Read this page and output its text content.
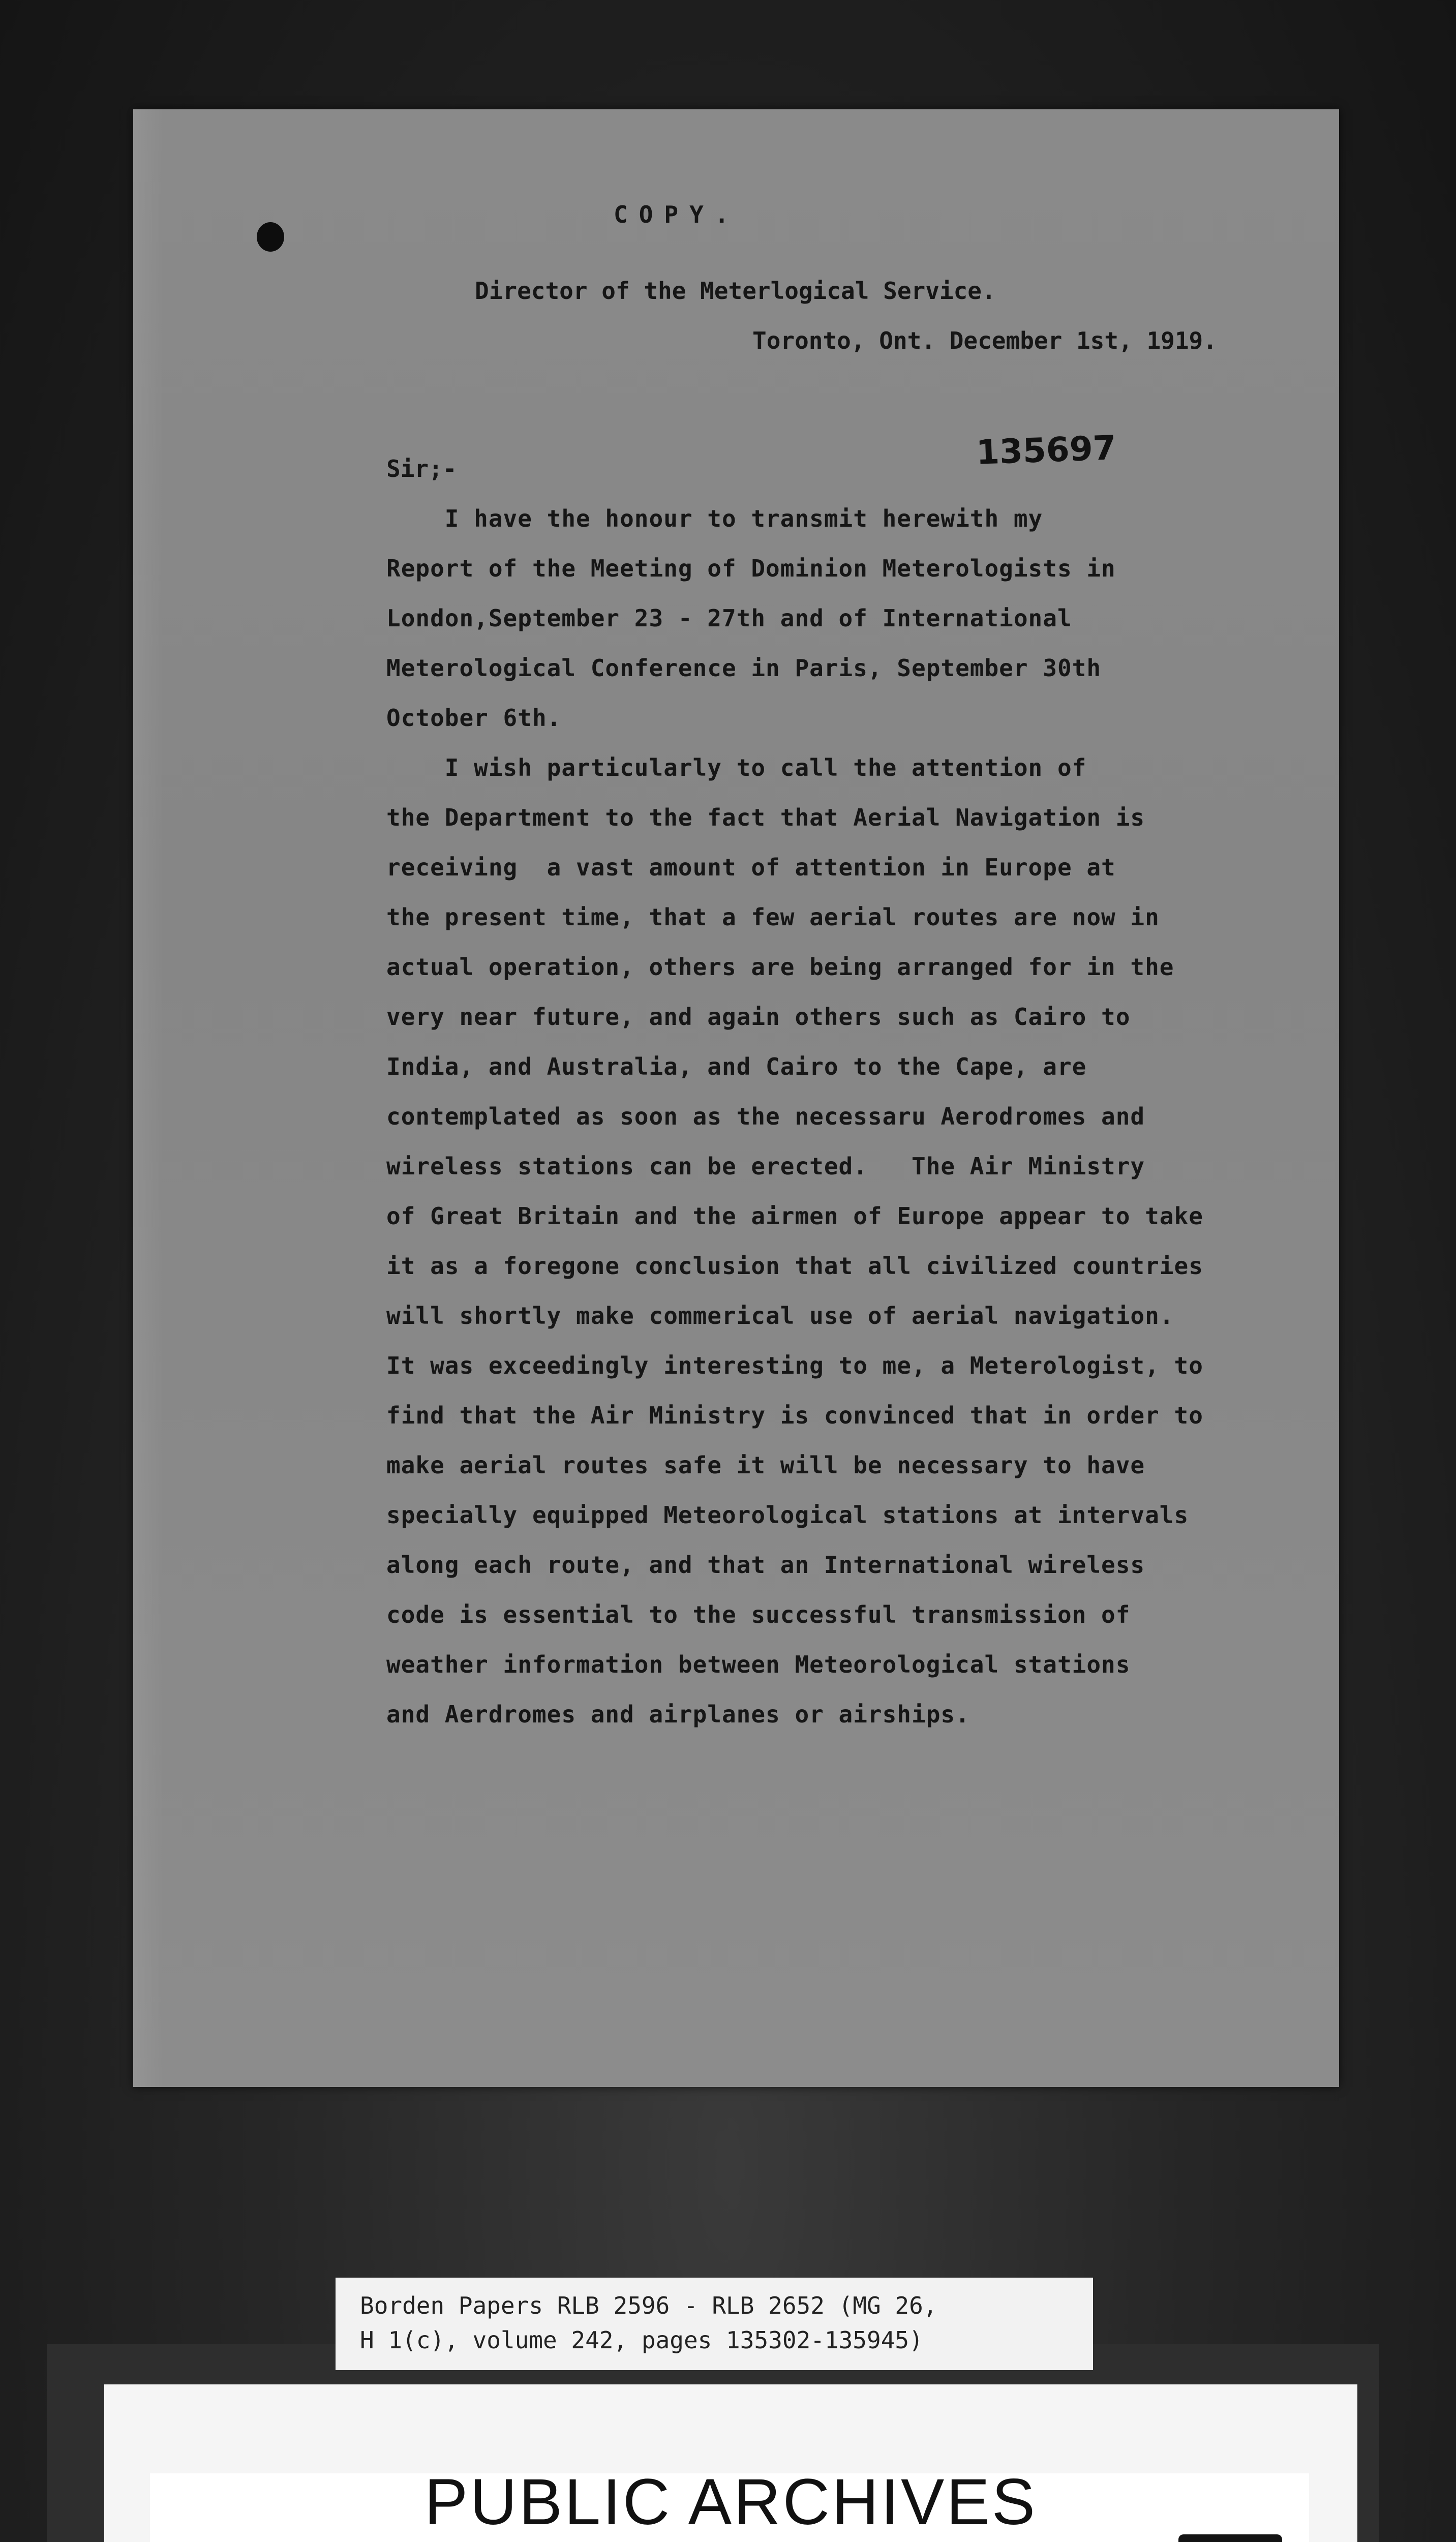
COPY.
Director of the Meterlogical Service.
Toronto, Ont. December 1st, 1919.
135697
Sir;-
I have the honour to transmit herewith my
Report of the Meeting of Dominion Meterologists in
London,September 23 - 27th and of International
Meterological Conference in Paris, September 30th
October 6th.
I wish particularly to call the attention of
the Department to the fact that Aerial Navigation is
receiving  a vast amount of attention in Europe at
the present time, that a few aerial routes are now in
actual operation, others are being arranged for in the
very near future, and again others such as Cairo to
India, and Australia, and Cairo to the Cape, are
contemplated as soon as the necessaru Aerodromes and
wireless stations can be erected.   The Air Ministry
of Great Britain and the airmen of Europe appear to take
it as a foregone conclusion that all civilized countries
will shortly make commerical use of aerial navigation.
It was exceedingly interesting to me, a Meterologist, to
find that the Air Ministry is convinced that in order to
make aerial routes safe it will be necessary to have
specially equipped Meteorological stations at intervals
along each route, and that an International wireless
code is essential to the successful transmission of
weather information between Meteorological stations
and Aerdromes and airplanes or airships.
Borden Papers RLB 2596 - RLB 2652 (MG 26,
H 1(c), volume 242, pages 135302-135945)
PUBLIC ARCHIVES
